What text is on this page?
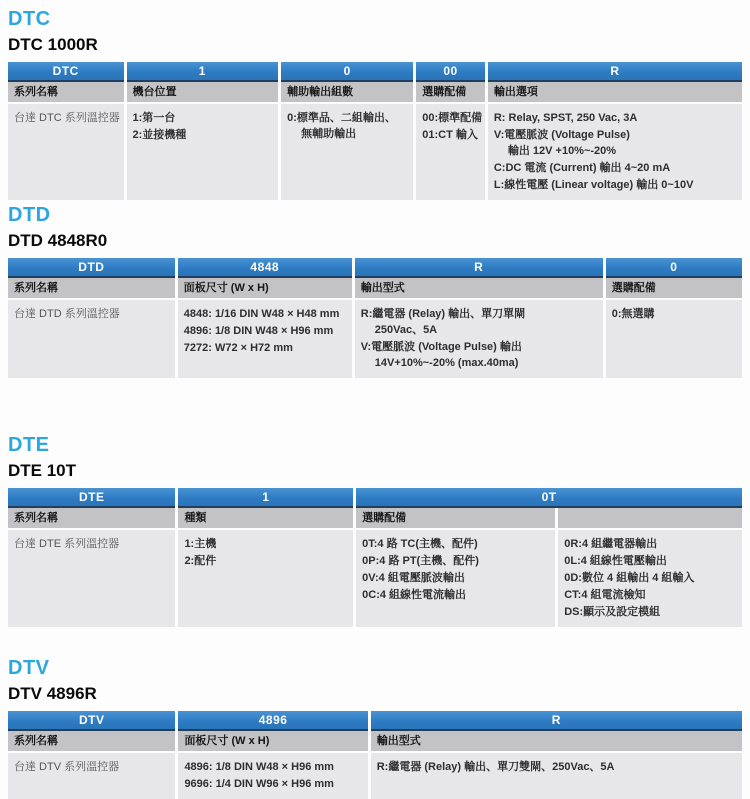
DTC
DTC 1000R
DTC
系列名稱
台達 DTC 系列溫控器
1
機台位置
1:第一台
2:並接機種
0
輔助輸出組數
0:標準品、二組輸出、
無輔助輸出
00
選購配備
00:標準配備
01:CT 輸入
R
輸出選項
R: Relay, SPST, 250 Vac, 3A
V:電壓脈波 (Voltage Pulse)
輸出 12V +10%~-20%
C:DC 電流 (Current) 輸出 4~20 mA
L:線性電壓 (Linear voltage) 輸出 0~10V
DTD
DTD 4848R0
DTD
系列名稱
台達 DTD 系列溫控器
4848
面板尺寸 (W x H)
4848: 1/16 DIN W48 × H48 mm
4896: 1/8 DIN W48 × H96 mm
7272: W72 × H72 mm
R
輸出型式
R:繼電器 (Relay) 輸出、單刀單閘
250Vac、5A
V:電壓脈波 (Voltage Pulse) 輸出
14V+10%~-20% (max.40ma)
0
選購配備
0:無選購
DTE
DTE 10T
DTE
系列名稱
台達 DTE 系列溫控器
1
種類
1:主機
2:配件
0T
選購配備
0T:4 路 TC(主機、配件)
0P:4 路 PT(主機、配件)
0V:4 組電壓脈波輸出
0C:4 組線性電流輸出
0R:4 組繼電器輸出
0L:4 組線性電壓輸出
0D:數位 4 組輸出 4 組輸入
CT:4 組電流檢知
DS:顯示及設定模組
DTV
DTV 4896R
DTV
系列名稱
台達 DTV 系列溫控器
4896
面板尺寸 (W x H)
4896: 1/8 DIN W48 × H96 mm
9696: 1/4 DIN W96 × H96 mm
R
輸出型式
R:繼電器 (Relay) 輸出、單刀雙閘、250Vac、5A
